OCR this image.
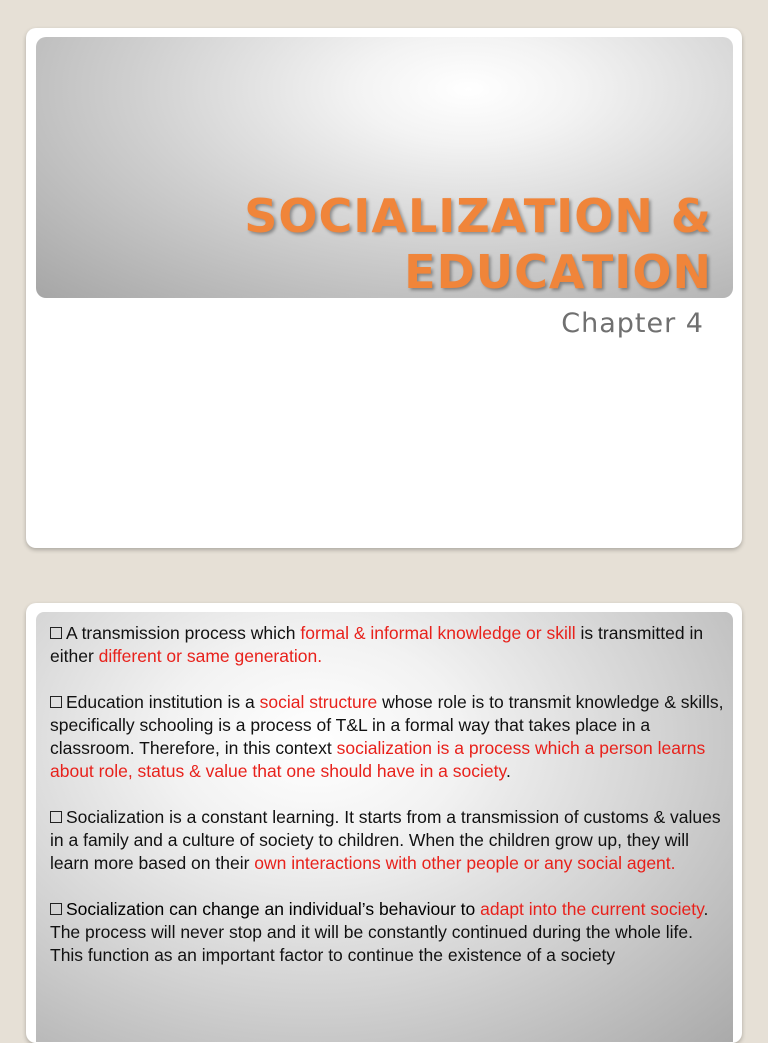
SOCIALIZATION &
EDUCATION

Chapter 4

A transmission process which formal & informal knowledge or skill is transmitted in either different or same generation.
Education institution is a social structure whose role is to transmit knowledge & skills, specifically schooling is a process of T&L in a formal way that takes place in a classroom. Therefore, in this context socialization is a process which a person learns about role, status & value that one should have in a society.
Socialization is a constant learning. It starts from a transmission of customs & values in a family and a culture of society to children. When the children grow up, they will learn more based on their own interactions with other people or any social agent.
Socialization can change an individual’s behaviour to adapt into the current society. The process will never stop and it will be constantly continued during the whole life. This function as an important factor to continue the existence of a society
